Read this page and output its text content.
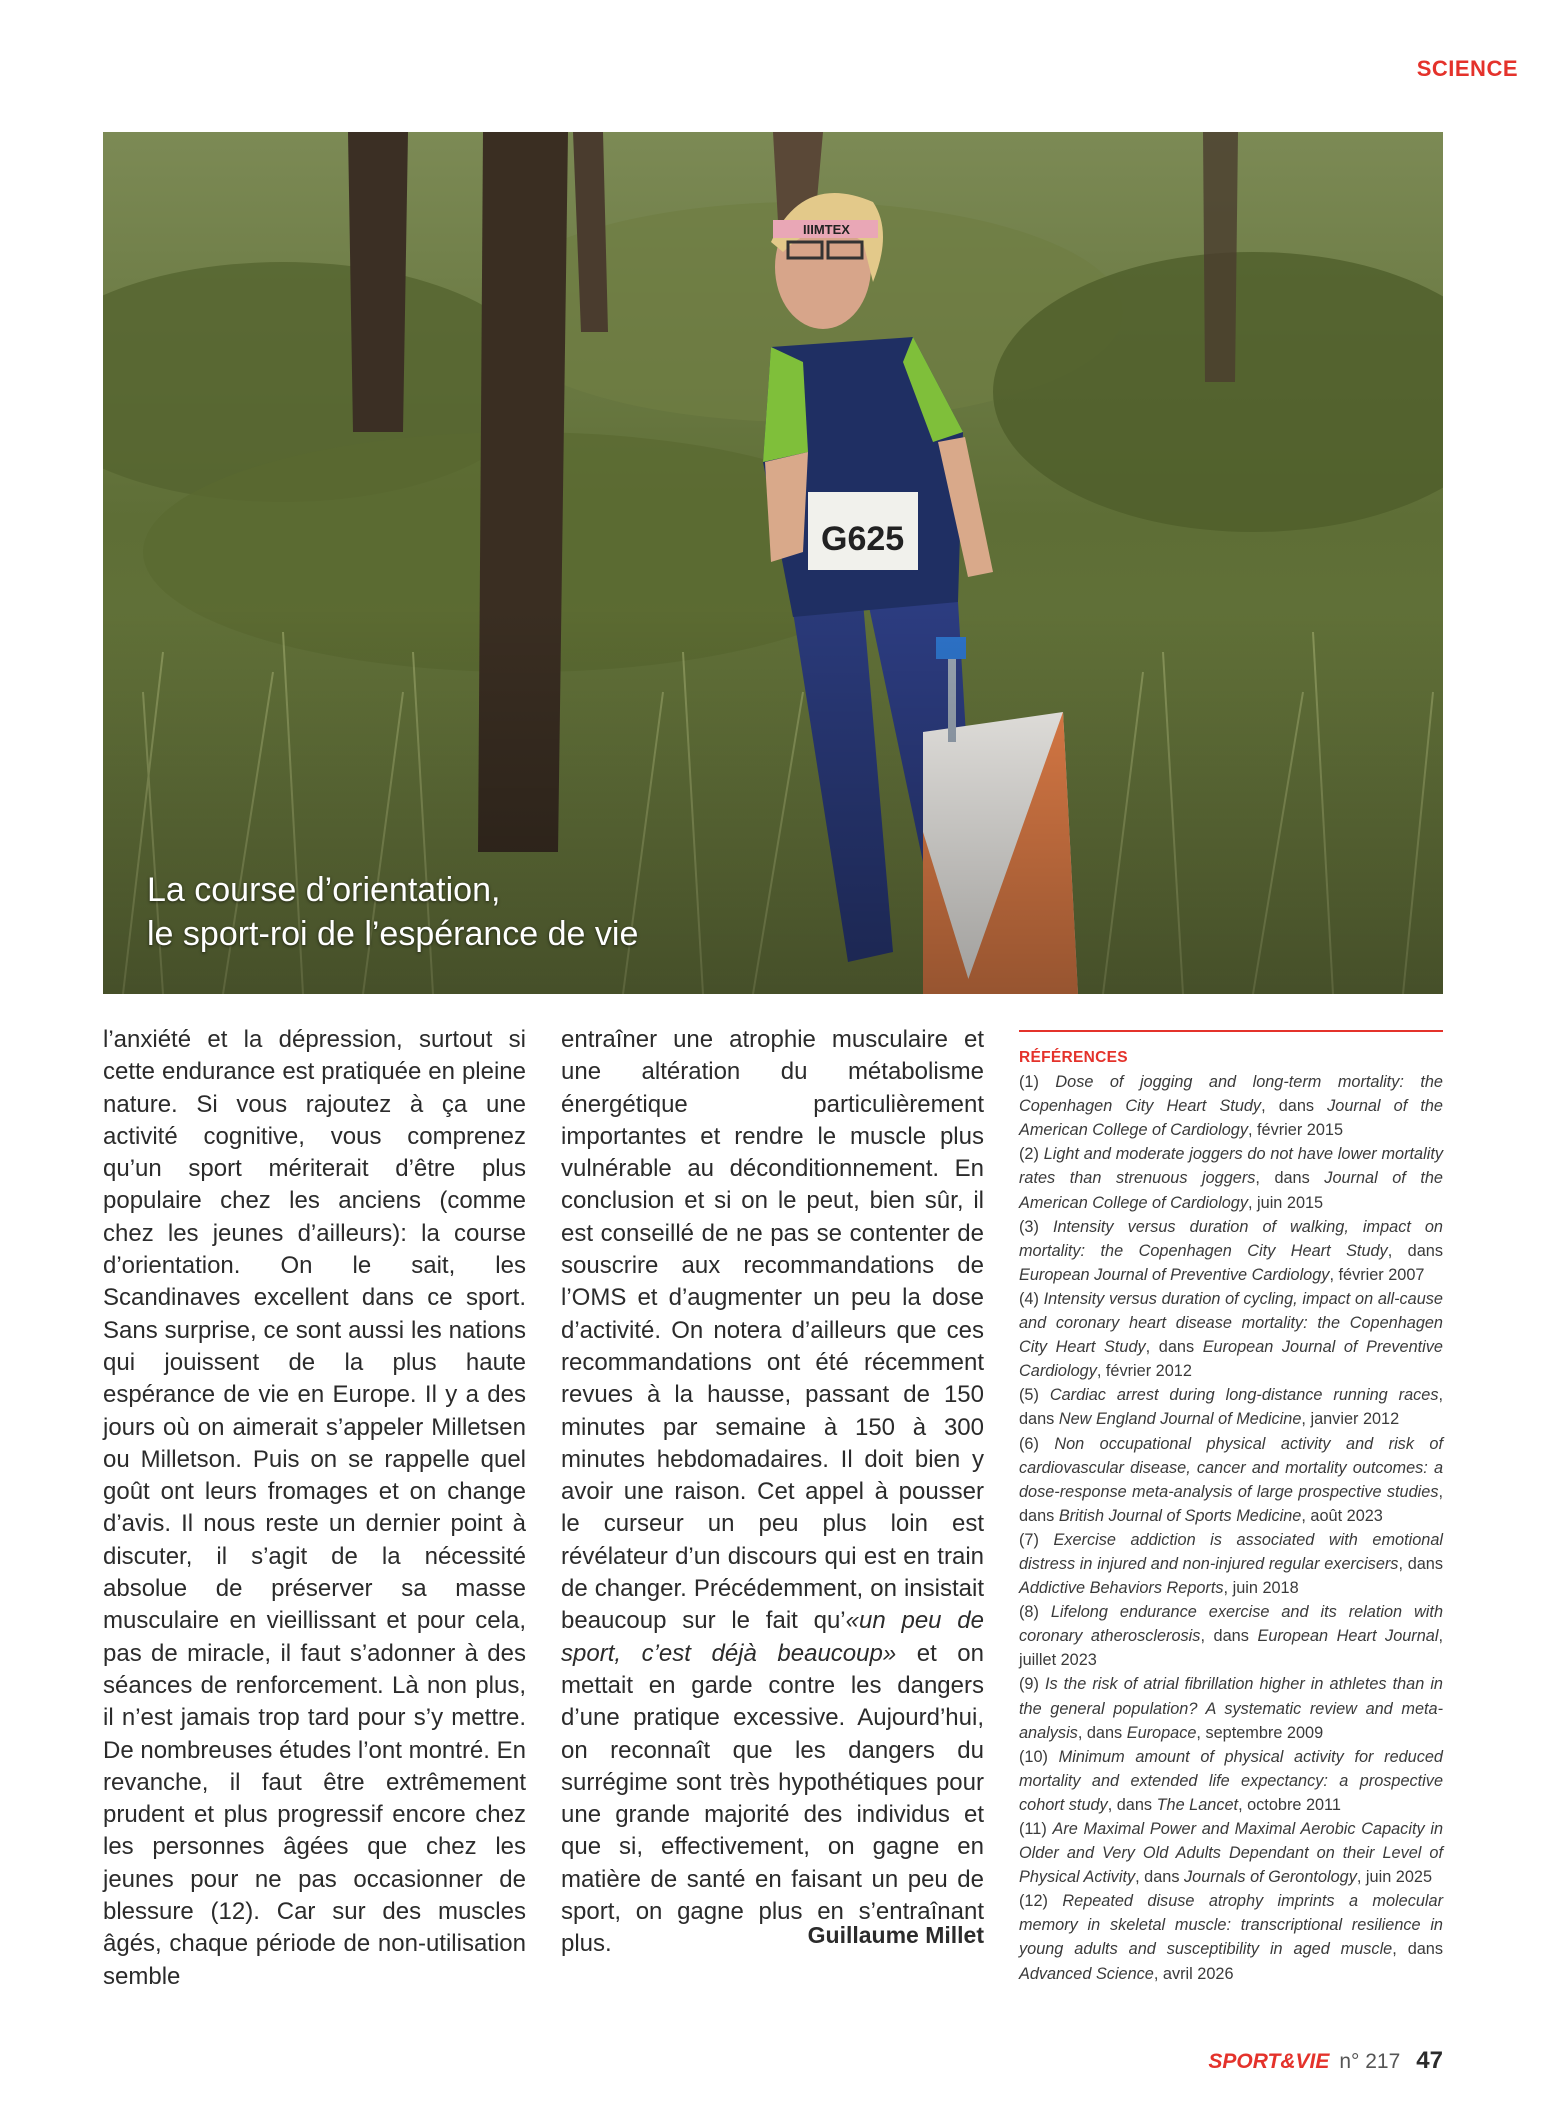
SCIENCE
La course d’orientation,
le sport-roi de l’espérance de vie

l’anxiété et la dépression, surtout si cette endurance est pratiquée en pleine nature. Si vous rajoutez à ça une activité cognitive, vous comprenez qu’un sport mériterait d’être plus populaire chez les anciens (comme chez les jeunes d’ailleurs): la course d’orientation. On le sait, les Scandinaves excellent dans ce sport. Sans surprise, ce sont aussi les nations qui jouissent de la plus haute espérance de vie en Europe. Il y a des jours où on aimerait s’appeler Milletsen ou Milletson. Puis on se rappelle quel goût ont leurs fromages et on change d’avis. Il nous reste un dernier point à discuter, il s’agit de la nécessité absolue de préserver sa masse musculaire en vieillissant et pour cela, pas de miracle, il faut s’adonner à des séances de renforcement. Là non plus, il n’est jamais trop tard pour s’y mettre. De nombreuses études l’ont montré. En revanche, il faut être extrêmement prudent et plus progressif encore chez les personnes âgées que chez les jeunes pour ne pas occasionner de blessure (12). Car sur des muscles âgés, chaque période de non-utilisation semble

entraîner une atrophie musculaire et une altération du métabolisme énergétique particulièrement importantes et rendre le muscle plus vulnérable au déconditionnement. En conclusion et si on le peut, bien sûr, il est conseillé de ne pas se contenter de souscrire aux recommandations de l’OMS et d’augmenter un peu la dose d’activité. On notera d’ailleurs que ces recommandations ont été récemment revues à la hausse, passant de 150 minutes par semaine à 150 à 300 minutes hebdomadaires. Il doit bien y avoir une raison. Cet appel à pousser le curseur un peu plus loin est révélateur d’un discours qui est en train de changer. Précédemment, on insistait beaucoup sur le fait qu’«un peu de sport, c’est déjà beaucoup» et on mettait en garde contre les dangers d’une pratique excessive. Aujourd’hui, on reconnaît que les dangers du surrégime sont très hypothétiques pour une grande majorité des individus et que si, effectivement, on gagne en matière de santé en faisant un peu de sport, on gagne plus en s’entraînant plus.	Guillaume Millet
RÉFÉRENCES

(1) Dose of jogging and long-term mortality: the Copenhagen City Heart Study, dans Journal of the American College of Cardiology, février 2015

(2) Light and moderate joggers do not have lower mortality rates than strenuous joggers, dans Journal of the American College of Cardiology, juin 2015

(3) Intensity versus duration of walking, impact on mortality: the Copenhagen City Heart Study, dans European Journal of Preventive Cardiology, février 2007

(4) Intensity versus duration of cycling, impact on all-cause and coronary heart disease mortality: the Copenhagen City Heart Study, dans European Journal of Preventive Cardiology, février 2012

(5) Cardiac arrest during long-distance running races, dans New England Journal of Medicine, janvier 2012

(6) Non occupational physical activity and risk of cardiovascular disease, cancer and mortality outcomes: a dose-response meta-analysis of large prospective studies, dans British Journal of Sports Medicine, août 2023

(7) Exercise addiction is associated with emotional distress in injured and non-injured regular exercisers, dans Addictive Behaviors Reports, juin 2018

(8) Lifelong endurance exercise and its relation with coronary atherosclerosis, dans European Heart Journal, juillet 2023

(9) Is the risk of atrial fibrillation higher in athletes than in the general population? A systematic review and meta-analysis, dans Europace, septembre 2009

(10) Minimum amount of physical activity for reduced mortality and extended life expectancy: a prospective cohort study, dans The Lancet, octobre 2011

(11) Are Maximal Power and Maximal Aerobic Capacity in Older and Very Old Adults Dependant on their Level of Physical Activity, dans Journals of Gerontology, juin 2025

(12) Repeated disuse atrophy imprints a molecular memory in skeletal muscle: transcriptional resilience in young adults and susceptibility in aged muscle, dans Advanced Science, avril 2026

SPORT&VIE n° 217 47
